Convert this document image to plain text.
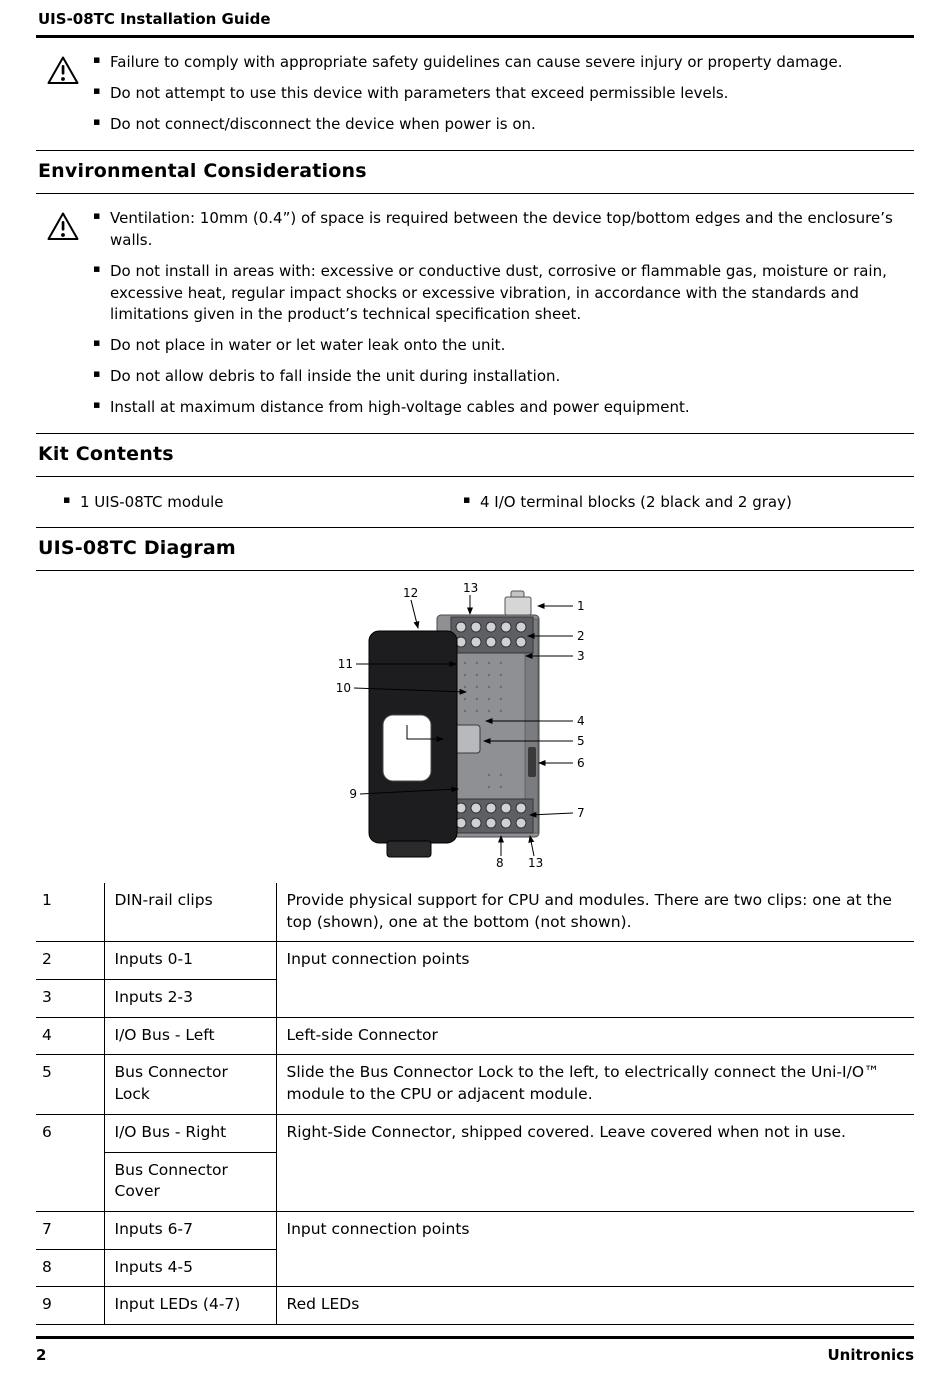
UIS-08TC Installation Guide
▪ Failure to comply with appropriate safety guidelines can cause severe injury or property damage.
▪ Do not attempt to use this device with parameters that exceed permissible levels.
▪ Do not connect/disconnect the device when power is on.
Environmental Considerations
▪ Ventilation: 10mm (0.4”) of space is required between the device top/bottom edges and the enclosure’s walls.
▪ Do not install in areas with: excessive or conductive dust, corrosive or flammable gas, moisture or rain, excessive heat, regular impact shocks or excessive vibration, in accordance with the standards and limitations given in the product’s technical specification sheet.
▪ Do not place in water or let water leak onto the unit.
▪ Do not allow debris to fall inside the unit during installation.
▪ Install at maximum distance from high-voltage cables and power equipment.
Kit Contents
▪ 1 UIS-08TC module	▪ 4 I/O terminal blocks (2 black and 2 gray)
UIS-08TC Diagram
12	13
1
2
3
4
5
6
7
11
10
9
8 13
1	DIN-rail clips	Provide physical support for CPU and modules. There are two clips: one at the top (shown), one at the bottom (not shown).
2	Inputs 0-1	Input connection points
3	Inputs 2-3	
4	I/O Bus - Left	Left-side Connector
5	Bus Connector Lock	Slide the Bus Connector Lock to the left, to electrically connect the Uni-I/O™ module to the CPU or adjacent module.
6	I/O Bus - Right	Right-Side Connector, shipped covered. Leave covered when not in use.
	Bus Connector Cover	
7	Inputs 6-7	Input connection points
8	Inputs 4-5	
9	Input LEDs (4-7)	Red LEDs
2	Unitronics
